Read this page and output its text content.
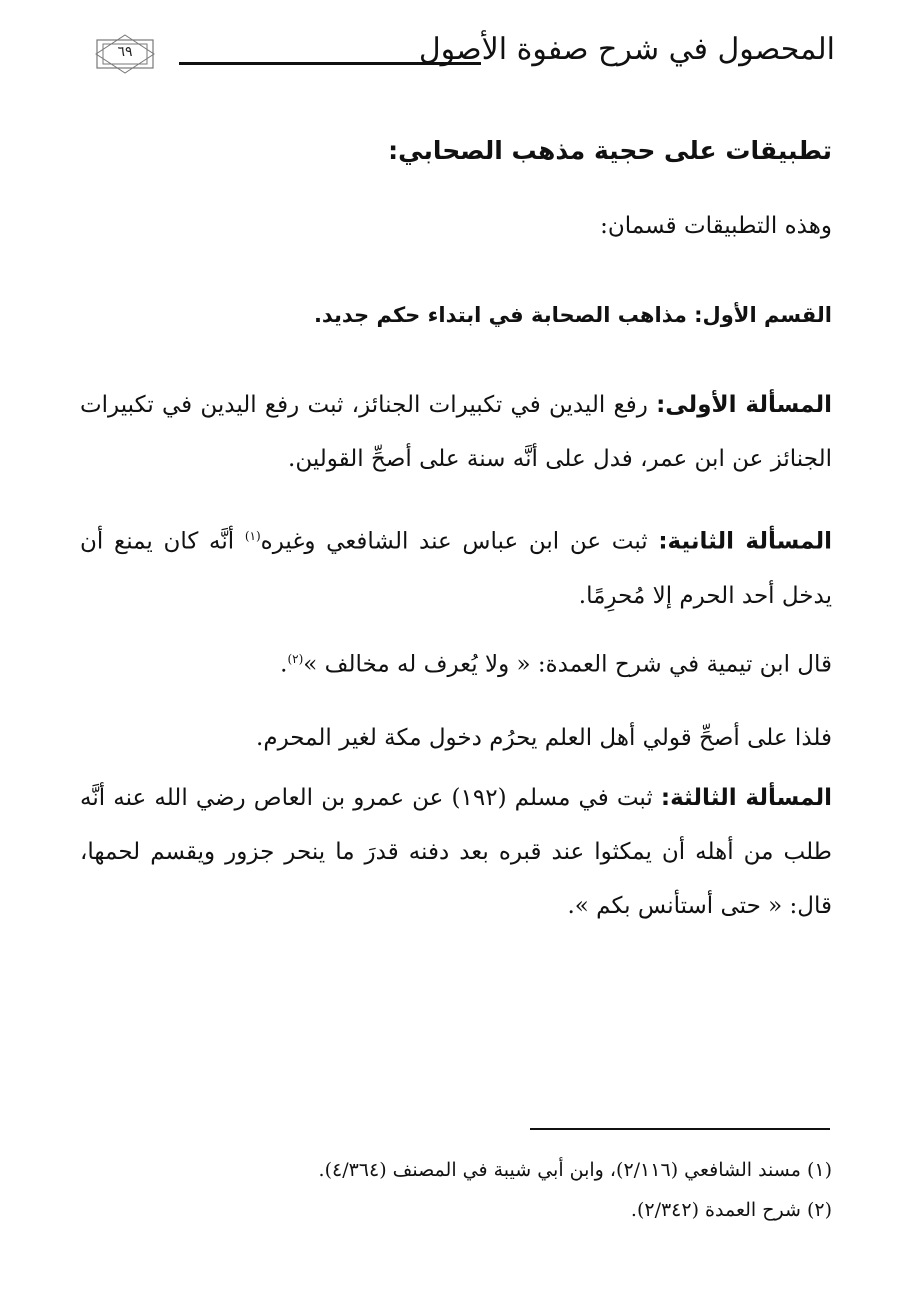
٦٩	المحصول في شرح صفوة الأصول
تطبيقات على حجية مذهب الصحابي:
وهذه التطبيقات قسمان:
القسم الأول: مذاهب الصحابة في ابتداء حكم جديد.
المسألة الأولى: رفع اليدين في تكبيرات الجنائز، ثبت رفع اليدين في تكبيرات الجنائز عن ابن عمر، فدل على أنَّه سنة على أصحِّ القولين.
المسألة الثانية: ثبت عن ابن عباس عند الشافعي وغيره$^{(١)}$ أنَّه كان يمنع أن يدخل أحد الحرم إلا مُحرِمًا.
قال ابن تيمية في شرح العمدة: « ولا يُعرف له مخالف »$^{(٢)}$.
فلذا على أصحِّ قولي أهل العلم يحرُم دخول مكة لغير المحرم.
المسألة الثالثة: ثبت في مسلم (١٩٢) عن عمرو بن العاص رضي الله عنه أنَّه طلب من أهله أن يمكثوا عند قبره بعد دفنه قدرَ ما ينحر جزور ويقسم لحمها، قال: « حتى أستأنس بكم ».
(١) مسند الشافعي (٢/١١٦)، وابن أبي شيبة في المصنف (٤/٣٦٤).
(٢) شرح العمدة (٢/٣٤٢).
